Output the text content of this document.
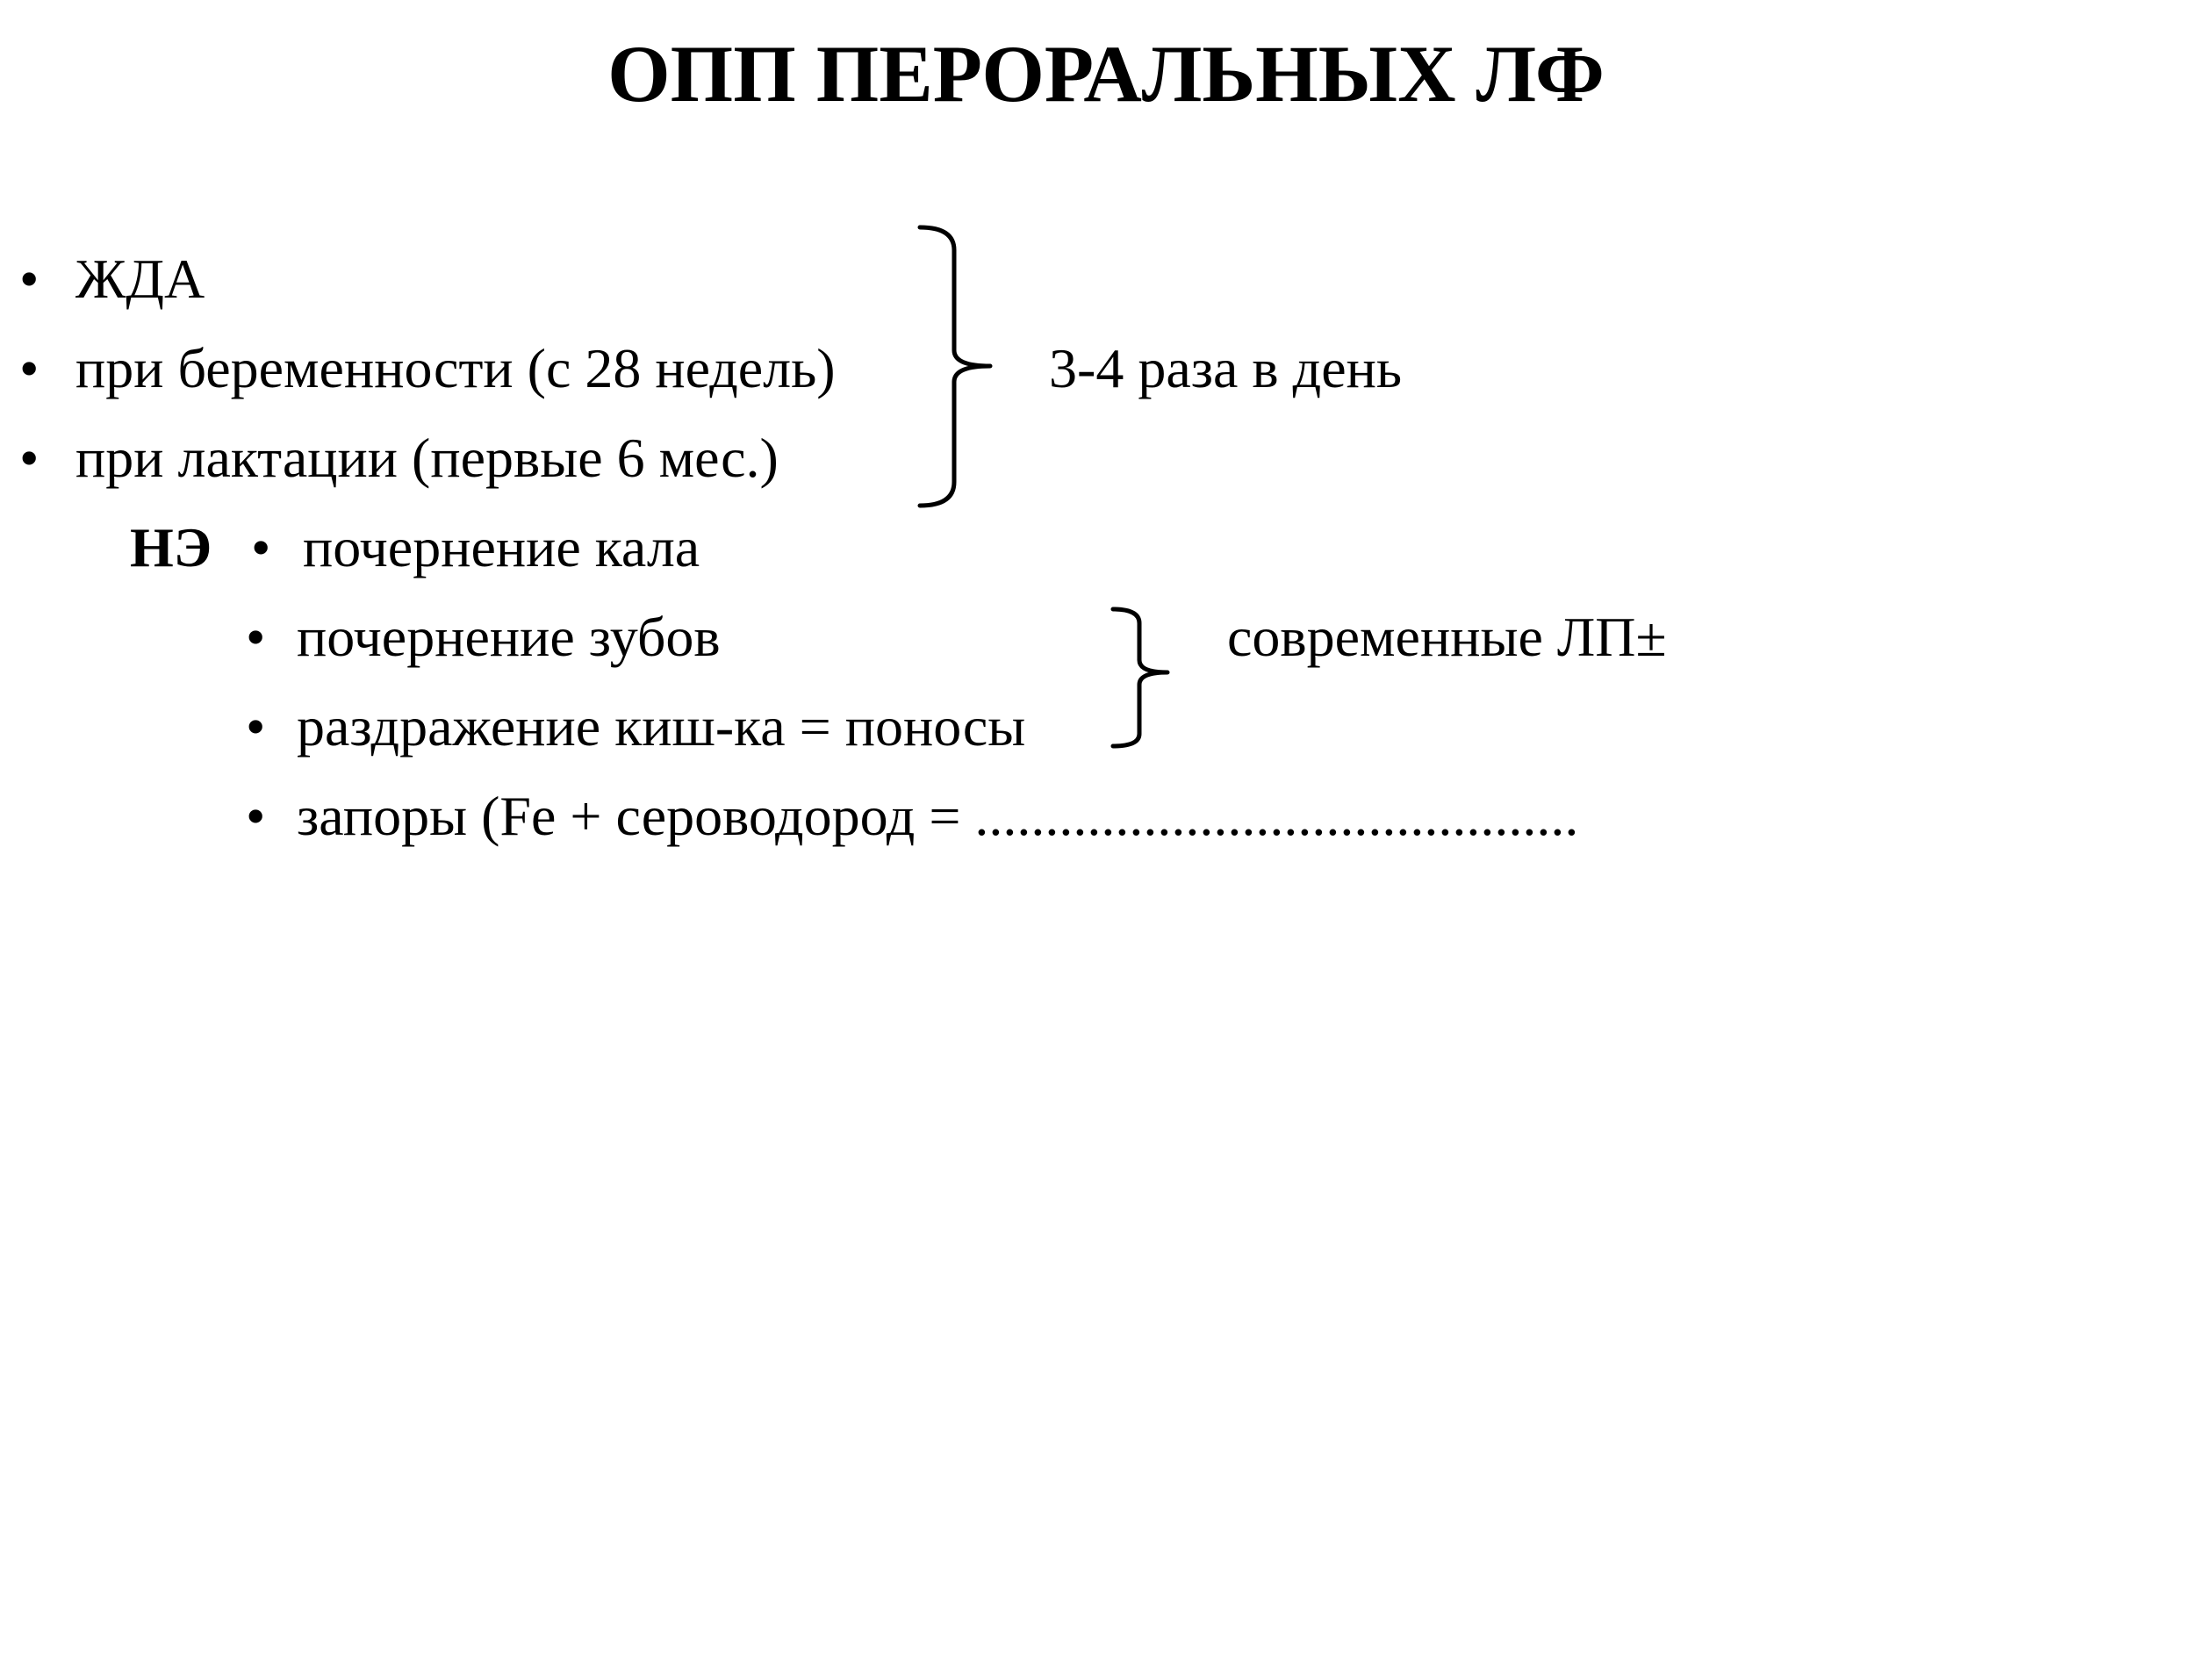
ОПП ПЕРОРАЛЬНЫХ ЛФ
• ЖДА
• при беременности (с 28 недель)
• при лактации (первые 6 мес.)
3-4 раза в день
НЭ • почернение кала
• почернение зубов
• раздражение киш-ка = поносы
• запоры (Fe + сероводород = ...........................................
современные ЛП±
